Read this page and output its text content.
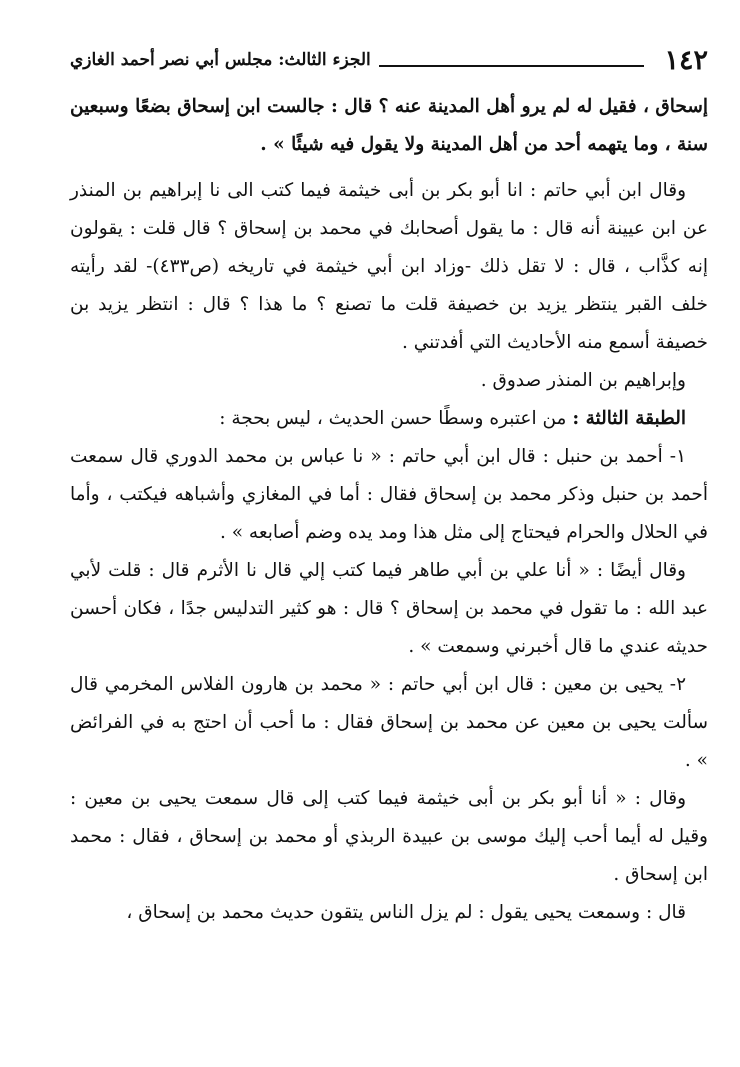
١٤٢
الجزء الثالث: مجلس أبي نصر أحمد الغازي

إسحاق ، فقيل له لم يرو أهل المدينة عنه ؟ قال : جالست ابن إسحاق بضعًا وسبعين سنة ، وما يتهمه أحد من أهل المدينة ولا يقول فيه شيئًا » .

وقال ابن أبي حاتم : انا أبو بكر بن أبى خيثمة فيما كتب الى نا إبراهيم بن المنذر عن ابن عيينة أنه قال : ما يقول أصحابك في محمد بن إسحاق ؟ قال قلت : يقولون إنه كذَّاب ، قال : لا تقل ذلك -وزاد ابن أبي خيثمة في تاريخه (ص٤٣٣)- لقد رأيته خلف القبر ينتظر يزيد بن خصيفة قلت ما تصنع ؟ ما هذا ؟ قال : انتظر يزيد بن خصيفة أسمع منه الأحاديث التي أفدتني .

وإبراهيم بن المنذر صدوق .

الطبقة الثالثة : من اعتبره وسطًا حسن الحديث ، ليس بحجة :

١- أحمد بن حنبل : قال ابن أبي حاتم : « نا عباس بن محمد الدوري قال سمعت أحمد بن حنبل وذكر محمد بن إسحاق فقال : أما في المغازي وأشباهه فيكتب ، وأما في الحلال والحرام فيحتاج إلى مثل هذا ومد يده وضم أصابعه » .

وقال أيضًا : « أنا علي بن أبي طاهر فيما كتب إلي قال نا الأثرم قال : قلت لأبي عبد الله : ما تقول في محمد بن إسحاق ؟ قال : هو كثير التدليس جدًا ، فكان أحسن حديثه عندي ما قال أخبرني وسمعت » .

٢- يحيى بن معين : قال ابن أبي حاتم : « محمد بن هارون الفلاس المخرمي قال سألت يحيى بن معين عن محمد بن إسحاق فقال : ما أحب أن احتج به في الفرائض » .

وقال : « أنا أبو بكر بن أبى خيثمة فيما كتب إلى قال سمعت يحيى بن معين : وقيل له أيما أحب إليك موسى بن عبيدة الربذي أو محمد بن إسحاق ، فقال : محمد ابن إسحاق .

قال : وسمعت يحيى يقول : لم يزل الناس يتقون حديث محمد بن إسحاق ،
